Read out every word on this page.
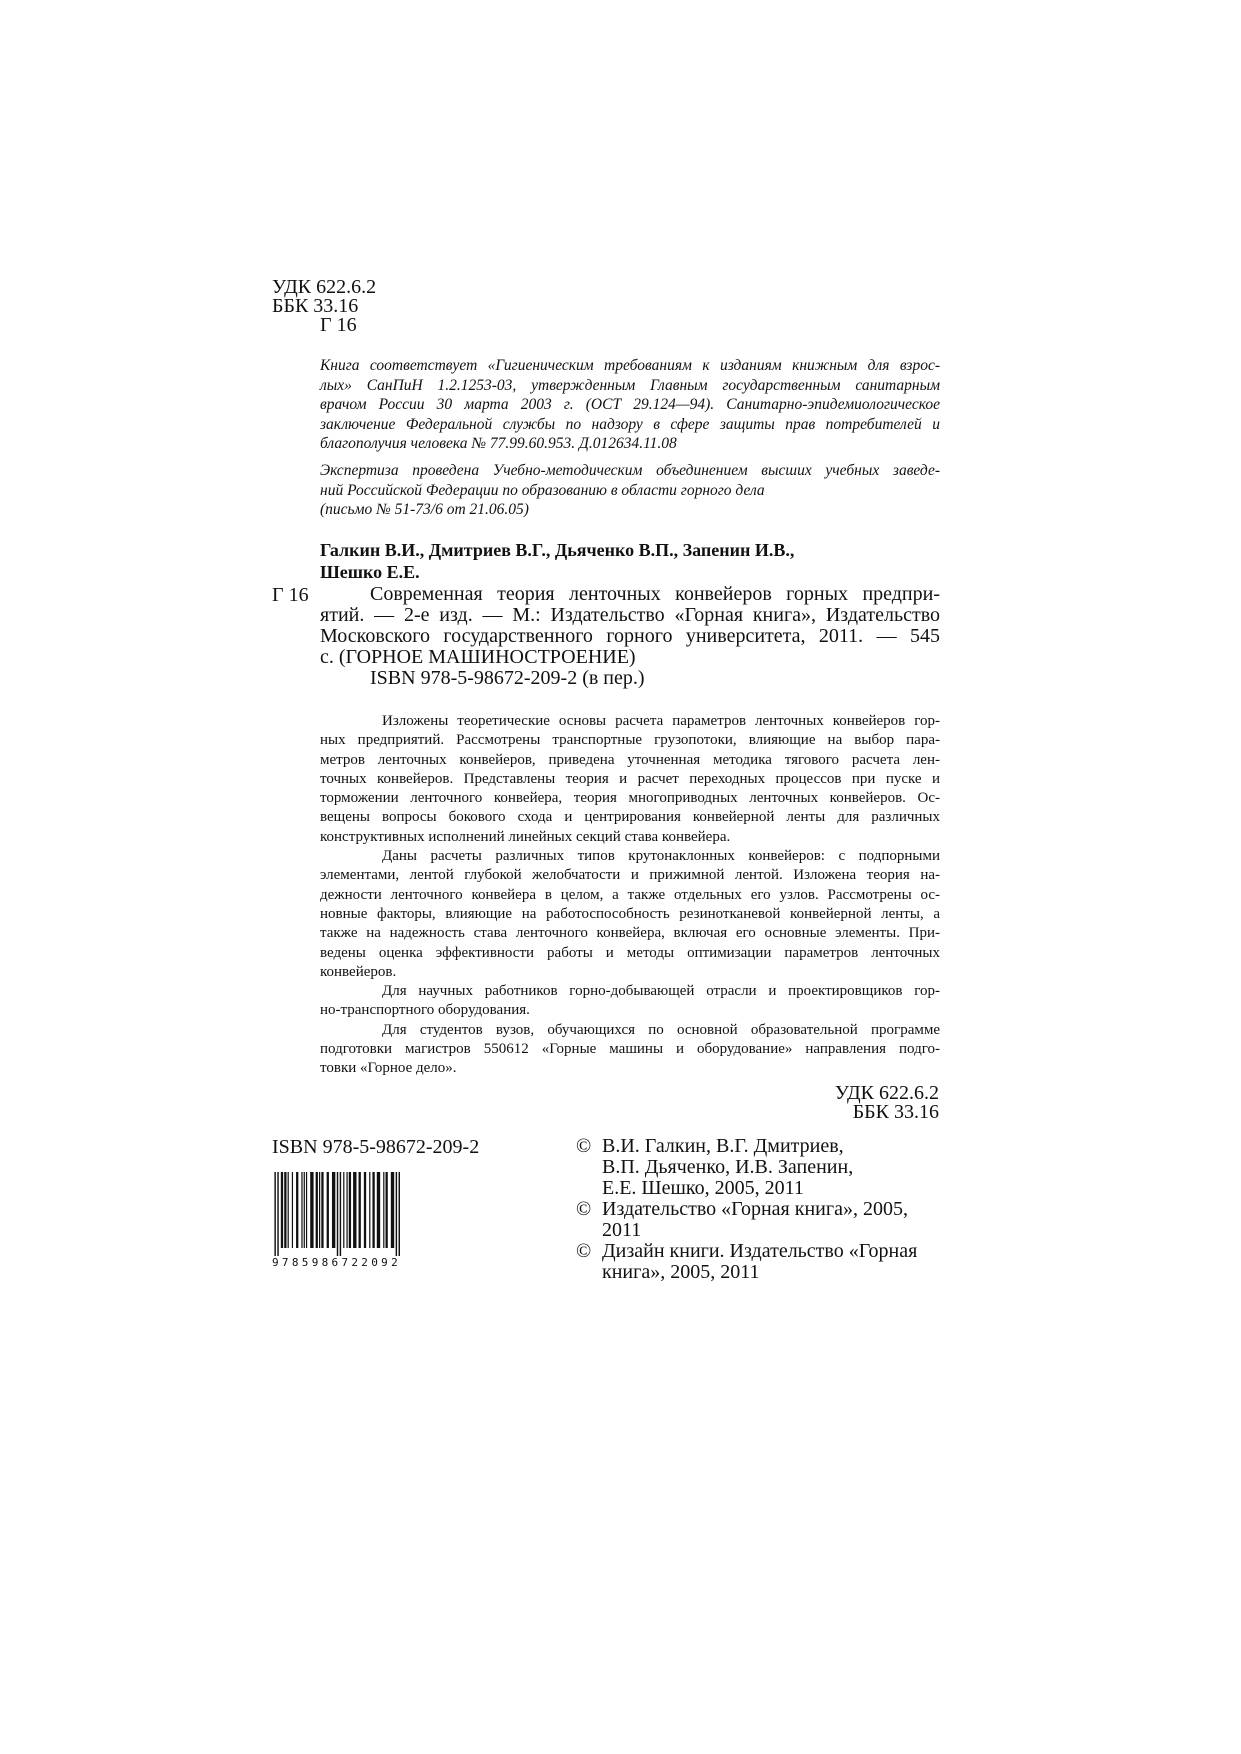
УДК 622.6.2
ББК 33.16
Г 16
Книга соответствует «Гигиеническим требованиям к изданиям книжным для взрос-
лых» СанПиН 1.2.1253-03, утвержденным Главным государственным санитарным
врачом России 30 марта 2003 г. (ОСТ 29.124—94). Санитарно-эпидемиологическое
заключение Федеральной службы по надзору в сфере защиты прав потребителей и
благополучия человека № 77.99.60.953. Д.012634.11.08
Экспертиза проведена Учебно-методическим объединением высших учебных заведе-
ний Российской Федерации по образованию в области горного дела
(письмо № 51-73/6 от 21.06.05)
Галкин В.И., Дмитриев В.Г., Дьяченко В.П., Запенин И.В.,
Шешко Е.Е.
Г 16	Современная теория ленточных конвейеров горных предпри-
ятий. — 2-е изд. — М.: Издательство «Горная книга», Издательство
Московского государственного горного университета, 2011. — 545
с. (ГОРНОЕ МАШИНОСТРОЕНИЕ)
ISBN 978-5-98672-209-2 (в пер.)
Изложены теоретические основы расчета параметров ленточных конвейеров гор-
ных предприятий. Рассмотрены транспортные грузопотоки, влияющие на выбор пара-
метров ленточных конвейеров, приведена уточненная методика тягового расчета лен-
точных конвейеров. Представлены теория и расчет переходных процессов при пуске и
торможении ленточного конвейера, теория многоприводных ленточных конвейеров. Ос-
вещены вопросы бокового схода и центрирования конвейерной ленты для различных
конструктивных исполнений линейных секций става конвейера.
Даны расчеты различных типов крутонаклонных конвейеров: с подпорными
элементами, лентой глубокой желобчатости и прижимной лентой. Изложена теория на-
дежности ленточного конвейера в целом, а также отдельных его узлов. Рассмотрены ос-
новные факторы, влияющие на работоспособность резинотканевой конвейерной ленты, а
также на надежность става ленточного конвейера, включая его основные элементы. При-
ведены оценка эффективности работы и методы оптимизации параметров ленточных
конвейеров.
Для научных работников горно-добывающей отрасли и проектировщиков гор-
но-транспортного оборудования.
Для студентов вузов, обучающихся по основной образовательной программе
подготовки магистров 550612 «Горные машины и оборудование» направления подго-
товки «Горное дело».
УДК 622.6.2
ББК 33.16
ISBN 978-5-98672-209-2
9785986722092
© В.И. Галкин, В.Г. Дмитриев,
В.П. Дьяченко, И.В. Запенин,
Е.Е. Шешко, 2005, 2011
© Издательство «Горная книга», 2005,
2011
© Дизайн книги. Издательство «Горная
книга», 2005, 2011
